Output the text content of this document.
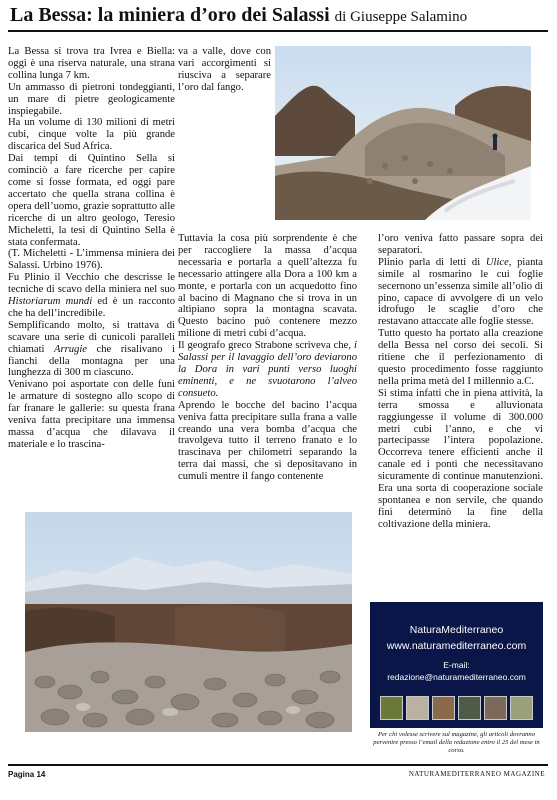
La Bessa: la miniera d’oro dei Salassi di Giuseppe Salamino

La Bessa si trova tra Ivrea e Biella: oggi è una riserva naturale, una strana collina lunga 7 km.

Un ammasso di pietroni tondeggianti, un mare di pietre geologicamente inspiegabile.

Ha un volume di 130 milioni di metri cubi, cinque volte la più grande discarica del Sud Africa.

Dai tempi di Quintino Sella si cominciò a fare ricerche per capire come si fosse formata, ed oggi pare accertato che quella strana collina è opera dell’uomo, grazie soprattutto alle ricerche di un altro geologo, Teresio Micheletti, la tesi di Quintino Sella è stata confermata.

(T. Micheletti - L’immensa miniera dei Salassi. Urbino 1976).

Fu Plinio il Vecchio che descrisse le tecniche di scavo della miniera nel suo Historiarum mundi ed è un racconto che ha dell’incredibile.

Semplificando molto, si trattava di scavare una serie di cunicoli paralleli chiamati Arrugie che risalivano i fianchi della montagna per una lunghezza di 300 m ciascuno.

Venivano poi asportate con delle funi le armature di sostegno allo scopo di far franare le gallerie: su questa frana veniva fatta precipitare una immensa massa d’acqua che dilavava il materiale e lo trascina-

va a valle, dove con vari accorgimenti si riusciva a separare l’oro dal fango.

Tuttavia la cosa più sorprendente è che per raccogliere la massa d’acqua necessaria e portarla a quell’altezza fu necessario attingere alla Dora a 100 km a monte, e portarla con un acquedotto fino al bacino di Magnano che si trova in un altipiano sopra la montagna scavata. Questo bacino può contenere mezzo milione di metri cubi d’acqua.

Il geografo greco Strabone scriveva che, i Salassi per il lavaggio dell’oro deviarono la Dora in vari punti verso luoghi eminenti, e ne svuotarono l’alveo consueto.

Aprendo le bocche del bacino l’acqua veniva fatta precipitare sulla frana a valle creando una vera bomba d’acqua che travolgeva tutto il terreno franato e lo trascinava per chilometri separando la terra dai massi, che si depositavano in cumuli mentre il fango contenente

l’oro veniva fatto passare sopra dei separatori.

Plinio parla di letti di Ulice, pianta simile al rosmarino le cui foglie secernono un’essenza simile all’olio di pino, capace di avvolgere di un velo idrofugo le scaglie d’oro che restavano attaccate alle foglie stesse.

Tutto questo ha portato alla creazione della Bessa nel corso dei secoli. Si ritiene che il perfezionamento di questo procedimento fosse raggiunto nella prima metà del I millennio a.C.

Si stima infatti che in piena attività, la terra smossa e alluvionata raggiungesse il volume di 300.000 metri cubi l’anno, e che vi partecipasse l’intera popolazione. Occorreva tenere efficienti anche il canale ed i ponti che necessitavano sicuramente di continue manutenzioni. Era una sorta di cooperazione sociale spontanea e non servile, che quando finì determinò la fine della coltivazione della miniera.

NaturaMediterraneo
www.naturamediterraneo.com
E-mail:
redazione@naturamediterraneo.com
Per chi volesse scrivere sul magazine, gli articoli dovranno pervenire presso l’email della redazione entro il 25 del mese in corso.
Pagina 14	NATURAMEDITERRANEO MAGAZINE
